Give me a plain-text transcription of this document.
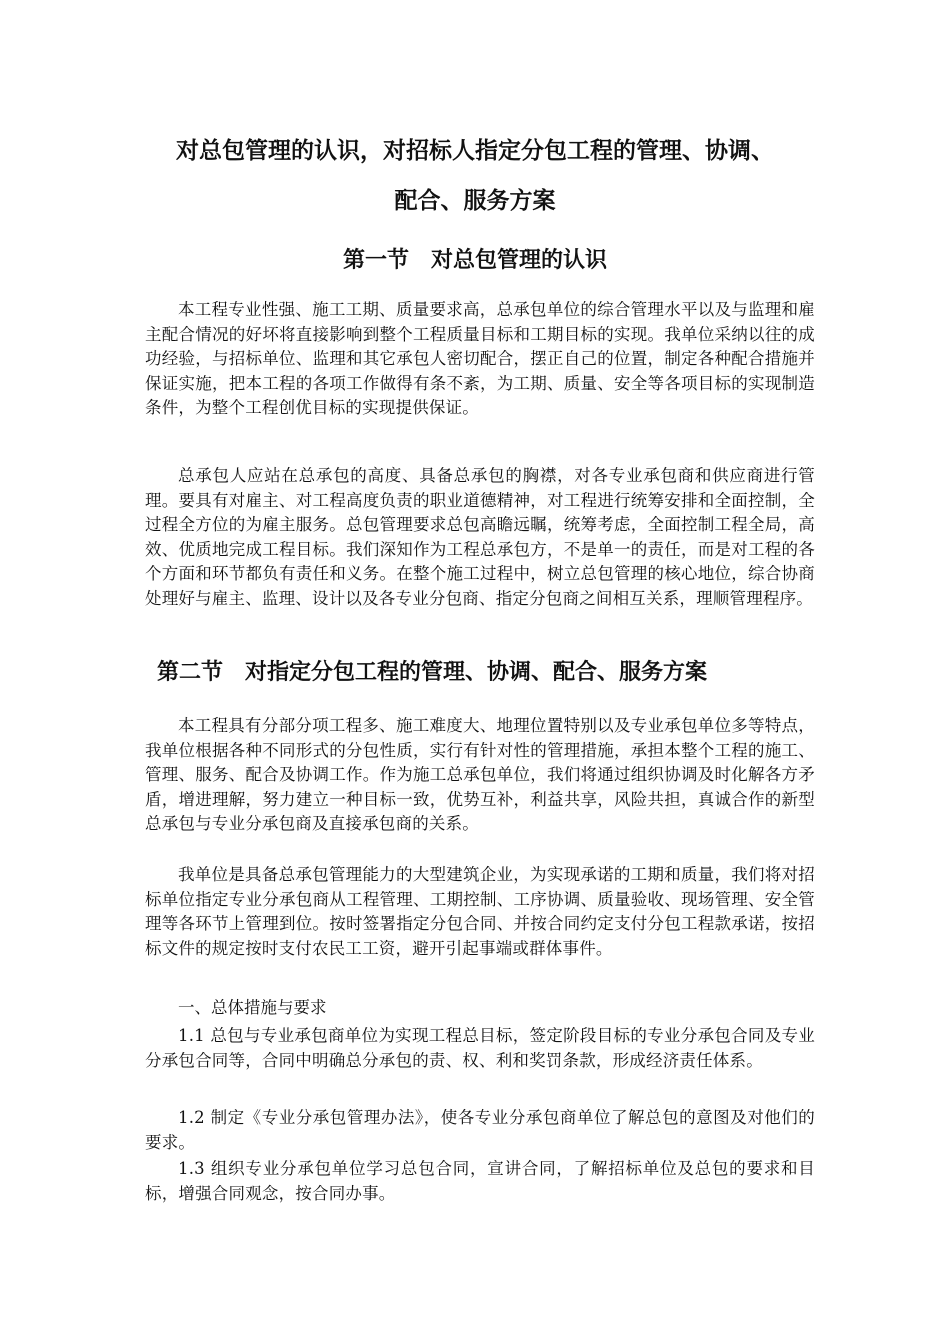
对总包管理的认识，对招标人指定分包工程的管理、协调、
配合、服务方案
第一节　对总包管理的认识

本工程专业性强、施工工期、质量要求高，总承包单位的综合管理水平以及与监理和雇主配合情况的好坏将直接影响到整个工程质量目标和工期目标的实现。我单位采纳以往的成功经验，与招标单位、监理和其它承包人密切配合，摆正自己的位置，制定各种配合措施并保证实施，把本工程的各项工作做得有条不紊，为工期、质量、安全等各项目标的实现制造条件，为整个工程创优目标的实现提供保证。

总承包人应站在总承包的高度、具备总承包的胸襟，对各专业承包商和供应商进行管理。要具有对雇主、对工程高度负责的职业道德精神，对工程进行统筹安排和全面控制，全过程全方位的为雇主服务。总包管理要求总包高瞻远瞩，统筹考虑，全面控制工程全局，高效、优质地完成工程目标。我们深知作为工程总承包方，不是单一的责任，而是对工程的各个方面和环节都负有责任和义务。在整个施工过程中，树立总包管理的核心地位，综合协商处理好与雇主、监理、设计以及各专业分包商、指定分包商之间相互关系，理顺管理程序。

第二节　对指定分包工程的管理、协调、配合、服务方案

本工程具有分部分项工程多、施工难度大、地理位置特别以及专业承包单位多等特点，我单位根据各种不同形式的分包性质，实行有针对性的管理措施，承担本整个工程的施工、管理、服务、配合及协调工作。作为施工总承包单位，我们将通过组织协调及时化解各方矛盾，增进理解，努力建立一种目标一致，优势互补，利益共享，风险共担，真诚合作的新型总承包与专业分承包商及直接承包商的关系。

我单位是具备总承包管理能力的大型建筑企业，为实现承诺的工期和质量，我们将对招标单位指定专业分承包商从工程管理、工期控制、工序协调、质量验收、现场管理、安全管理等各环节上管理到位。按时签署指定分包合同、并按合同约定支付分包工程款承诺，按招标文件的规定按时支付农民工工资，避开引起事端或群体事件。

一、总体措施与要求

1.1 总包与专业承包商单位为实现工程总目标，签定阶段目标的专业分承包合同及专业分承包合同等，合同中明确总分承包的责、权、利和奖罚条款，形成经济责任体系。

1.2 制定《专业分承包管理办法》，使各专业分承包商单位了解总包的意图及对他们的要求。

1.3 组织专业分承包单位学习总包合同，宣讲合同，了解招标单位及总包的要求和目标，增强合同观念，按合同办事。
